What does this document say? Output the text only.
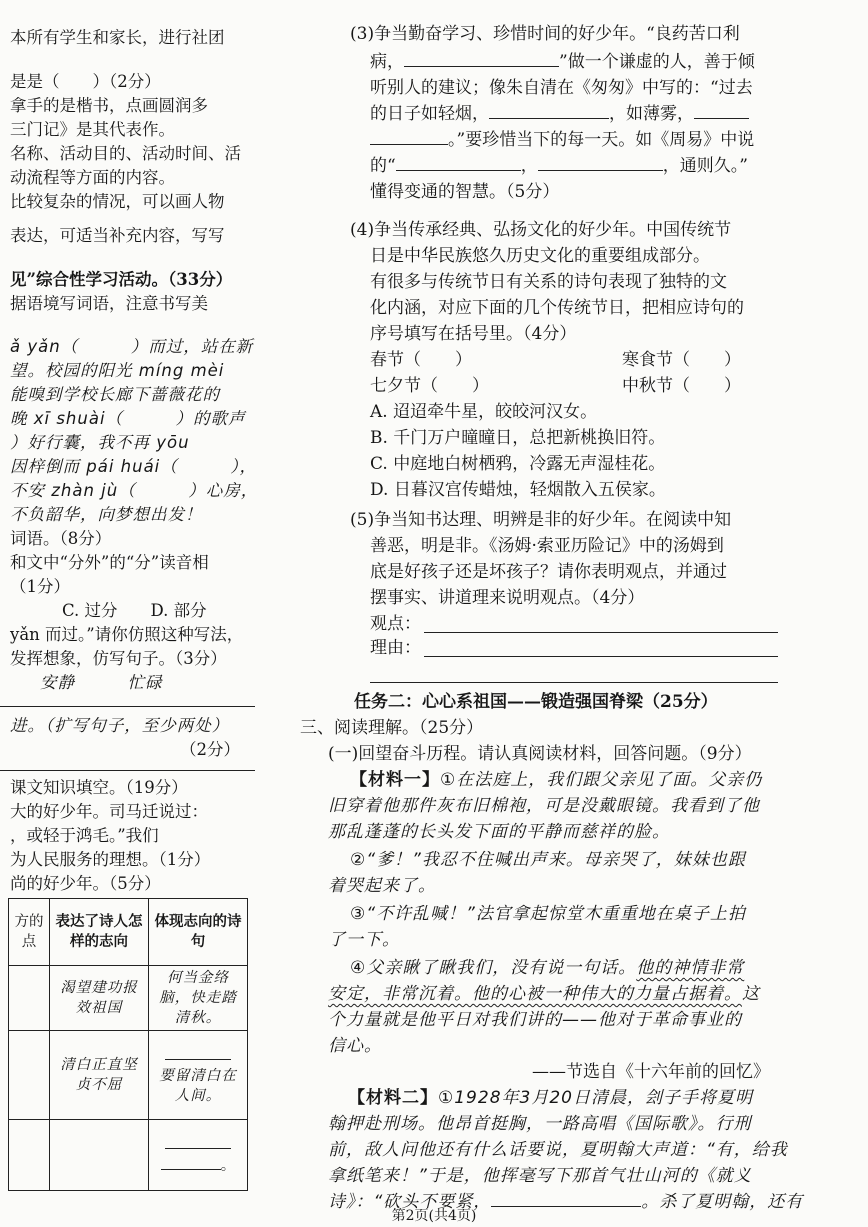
本所有学生和家长，进行社团
是是（　　）（2分）
拿手的是楷书，点画圆润多
三门记》是其代表作。
名称、活动目的、活动时间、活
动流程等方面的内容。
比较复杂的情况，可以画人物
表达，可适当补充内容，写写
见”综合性学习活动。（33分）
据语境写词语，注意书写美
ǎ yǎn（　　　）而过，站在新
望。校园的阳光 míng mèi
能嗅到学校长廊下蔷薇花的
晚 xī shuài（　　　）的歌声
）好行囊，我不再 yōu
因梓倒而 pái huái（　　　），
不安 zhàn jù（　　　）心房，
不负韶华，向梦想出发！
词语。（8分）
和文中“分外”的“分”读音相
（1分）
C. 过分　　D. 部分
yǎn 而过。”请你仿照这种写法，
发挥想象，仿写句子。（3分）
安静　　　忙碌
进。（扩写句子，至少两处）
（2分）
课文知识填空。（19分）
大的好少年。司马迁说过：
，或轻于鸿毛。”我们
为人民服务的理想。（1分）
尚的好少年。（5分）
方的点	表达了诗人怎样的志向	体现志向的诗句
	渴望建功报效祖国	何当金络脑，快走踏清秋。
	清白正直坚贞不屈	要留清白在人间。

		。
(3)争当勤奋学习、珍惜时间的好少年。“良药苦口利
病，	”做一个谦虚的人，善于倾
听别人的建议；像朱自清在《匆匆》中写的：“过去
的日子如轻烟，	，如薄雾，
。”要珍惜当下的每一天。如《周易》中说
的“	，	，通则久。”
懂得变通的智慧。（5分）
(4)争当传承经典、弘扬文化的好少年。中国传统节
日是中华民族悠久历史文化的重要组成部分。
有很多与传统节日有关系的诗句表现了独特的文
化内涵，对应下面的几个传统节日，把相应诗句的
序号填写在括号里。（4分）
春节（　　）	寒食节（　　）
七夕节（　　）	中秋节（　　）
A. 迢迢牵牛星，皎皎河汉女。
B. 千门万户曈曈日，总把新桃换旧符。
C. 中庭地白树栖鸦，冷露无声湿桂花。
D. 日暮汉宫传蜡烛，轻烟散入五侯家。
(5)争当知书达理、明辨是非的好少年。在阅读中知
善恶，明是非。《汤姆·索亚历险记》中的汤姆到
底是好孩子还是坏孩子？请你表明观点，并通过
摆事实、讲道理来说明观点。（4分）
观点：
理由：
任务二：心心系祖国——锻造强国脊梁（25分）
三、阅读理解。（25分）
(一)回望奋斗历程。请认真阅读材料，回答问题。（9分）
【材料一】①在法庭上，我们跟父亲见了面。父亲仍
旧穿着他那件灰布旧棉袍，可是没戴眼镜。我看到了他
那乱蓬蓬的长头发下面的平静而慈祥的脸。
②“爹！”我忍不住喊出声来。母亲哭了，妹妹也跟
着哭起来了。
③“不许乱喊！”法官拿起惊堂木重重地在桌子上拍
了一下。
④父亲瞅了瞅我们，没有说一句话。他的神情非常
安定，非常沉着。他的心被一种伟大的力量占据着。这
个力量就是他平日对我们讲的——他对于革命事业的
信心。
——节选自《十六年前的回忆》
【材料二】①1928年3月20日清晨，刽子手将夏明
翰押赴刑场。他昂首挺胸，一路高唱《国际歌》。行刑
前，敌人问他还有什么话要说，夏明翰大声道：“有，给我
拿纸笔来！”于是，他挥毫写下那首气壮山河的《就义
诗》：“砍头不要紧，	。杀了夏明翰，还有
第2页(共4页)
